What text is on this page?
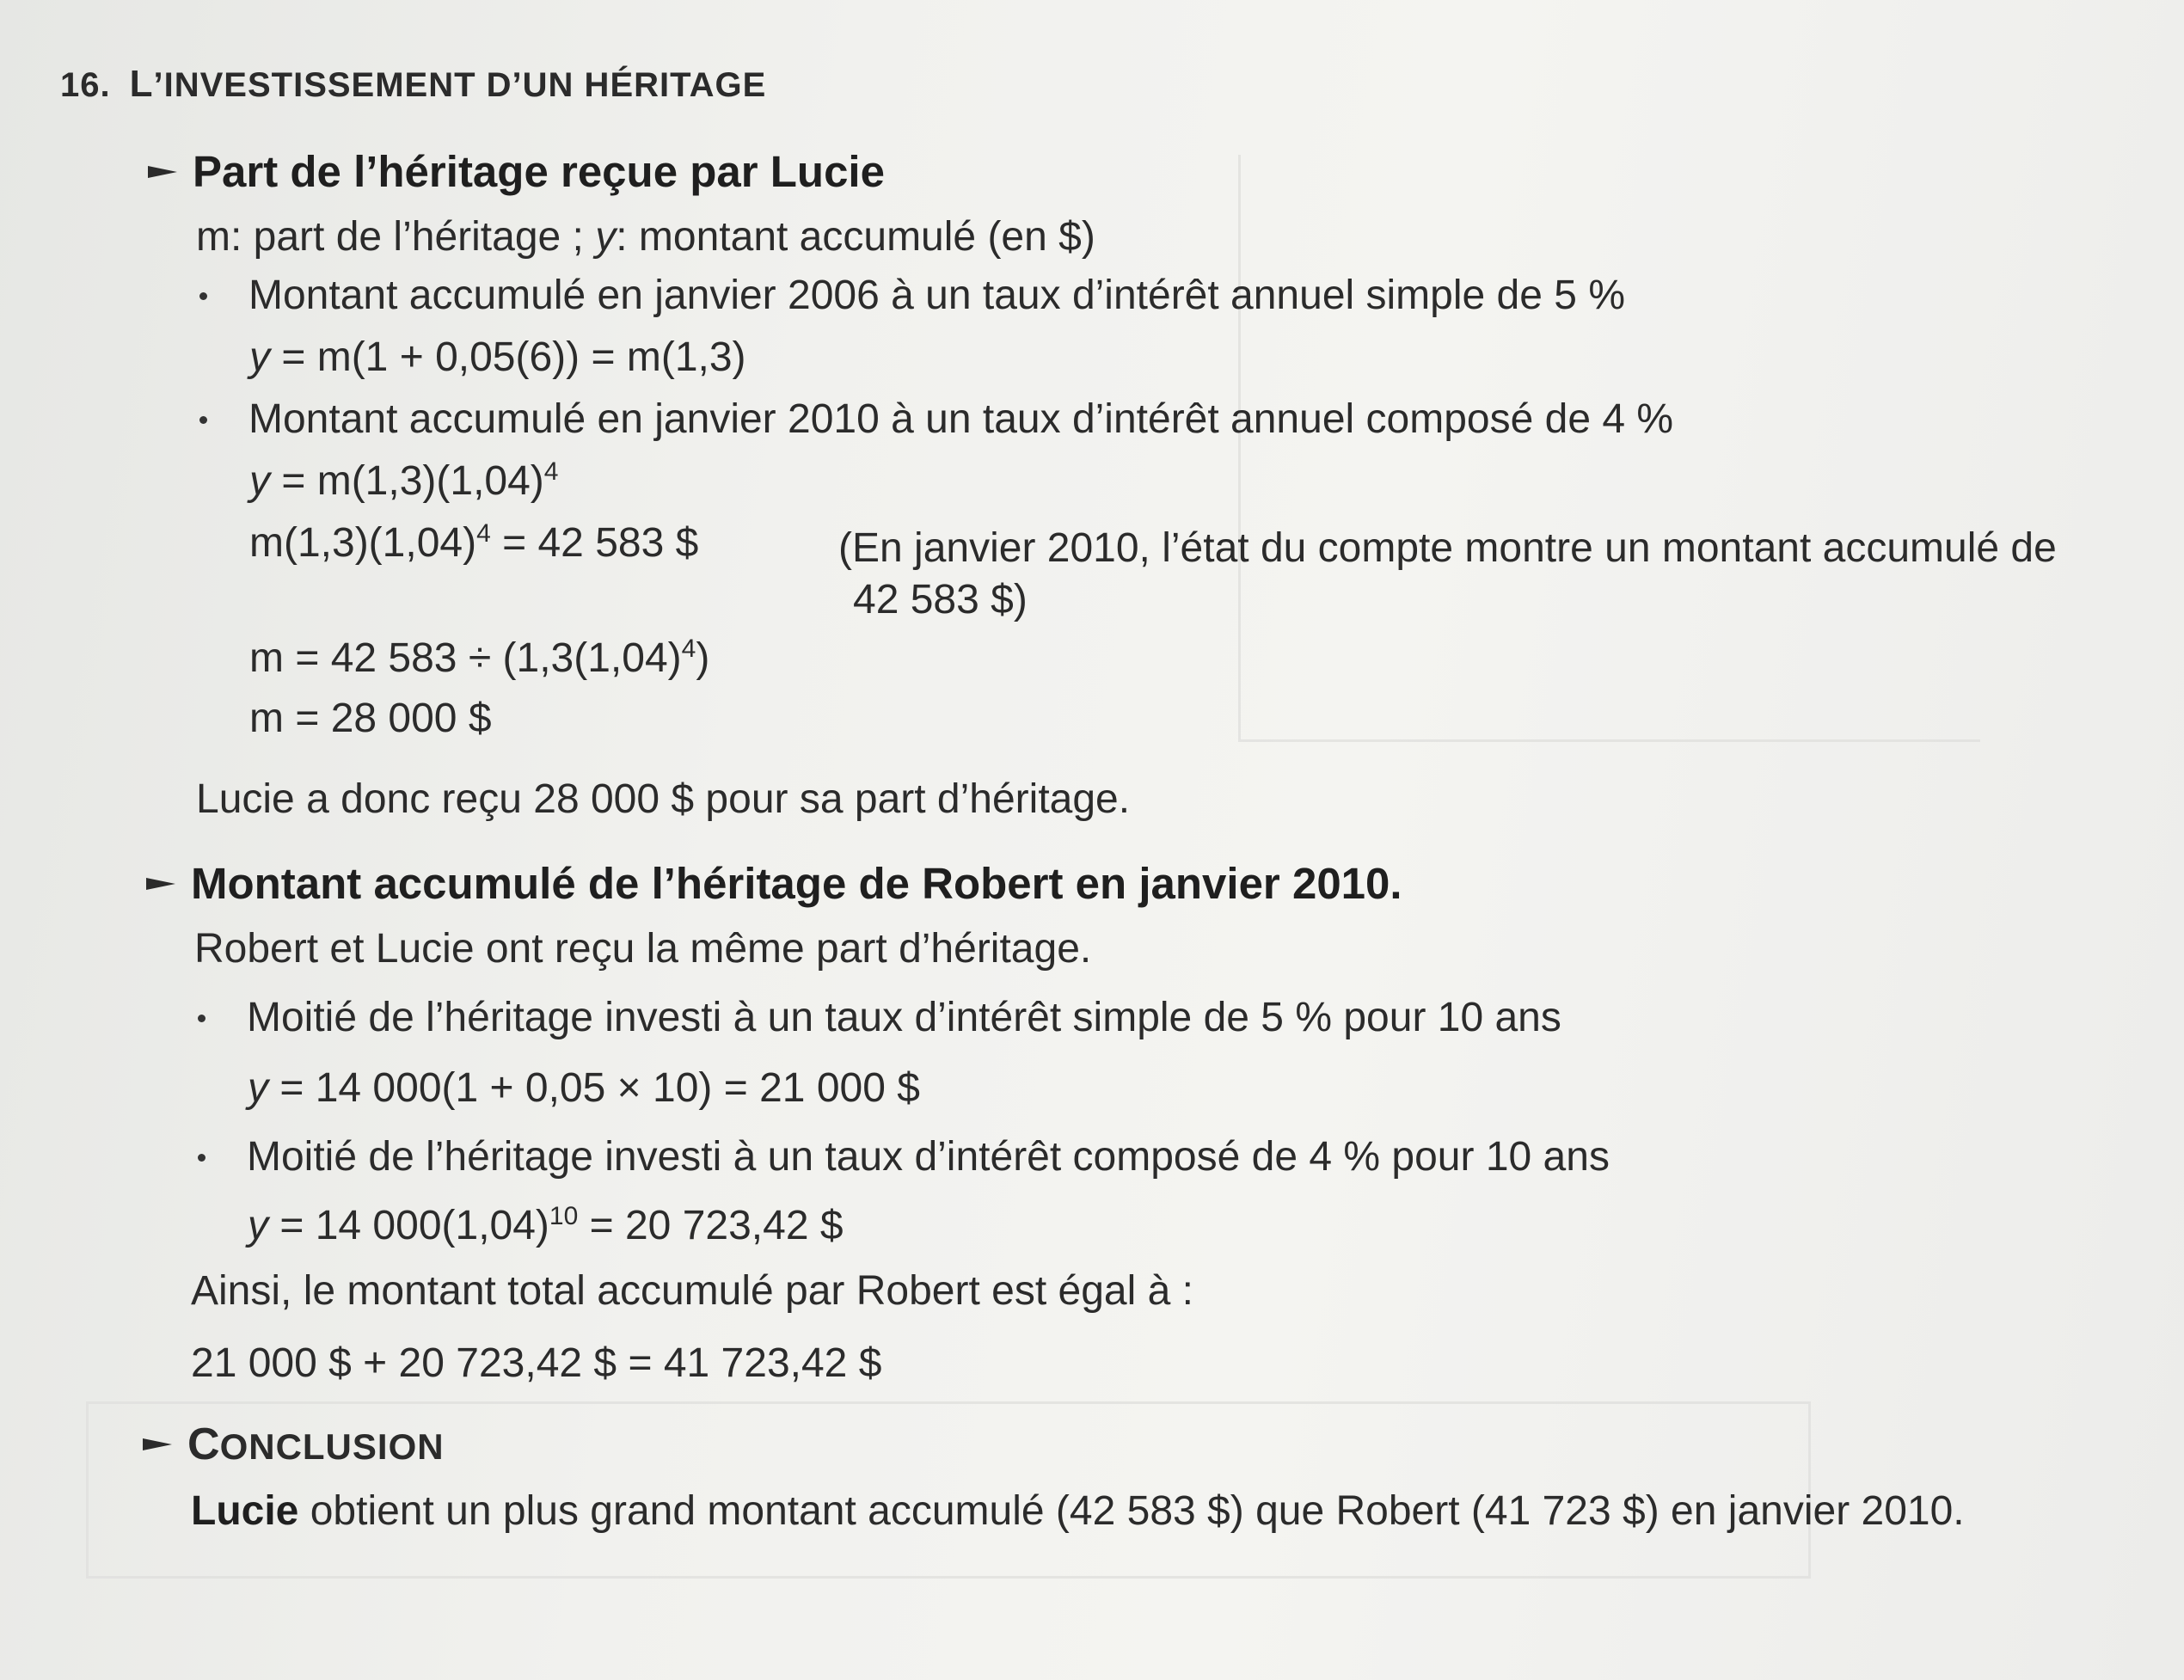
16. L’INVESTISSEMENT D’UN HÉRITAGE
Part de l’héritage reçue par Lucie
m: part de l’héritage ; y: montant accumulé (en $)
Montant accumulé en janvier 2006 à un taux d’intérêt annuel simple de 5 %
y = m(1 + 0,05(6)) = m(1,3)
Montant accumulé en janvier 2010 à un taux d’intérêt annuel composé de 4 %
$y = m(1,3)(1,04)^4$
$m(1,3)(1,04)^4 = 42$ 583 $	(En janvier 2010, l’état du compte montre un montant accumulé de
42 583 $)
m = 42 $583 \div (1,3(1,04)^4)$
m = 28 000 $
Lucie a donc reçu 28 000 $ pour sa part d’héritage.
Montant accumulé de l’héritage de Robert en janvier 2010.
Robert et Lucie ont reçu la même part d’héritage.
Moitié de l’héritage investi à un taux d’intérêt simple de 5 % pour 10 ans
y = 14 000(1 + 0,05 × 10) = 21 000 $
Moitié de l’héritage investi à un taux d’intérêt composé de 4 % pour 10 ans
y = 14 $000(1,04)^{10} = 20$ 723,42 $
Ainsi, le montant total accumulé par Robert est égal à :
21 000 $ + 20 723,42 $ = 41 723,42 $
CONCLUSION
Lucie obtient un plus grand montant accumulé (42 583 $) que Robert (41 723 $) en janvier 2010.
